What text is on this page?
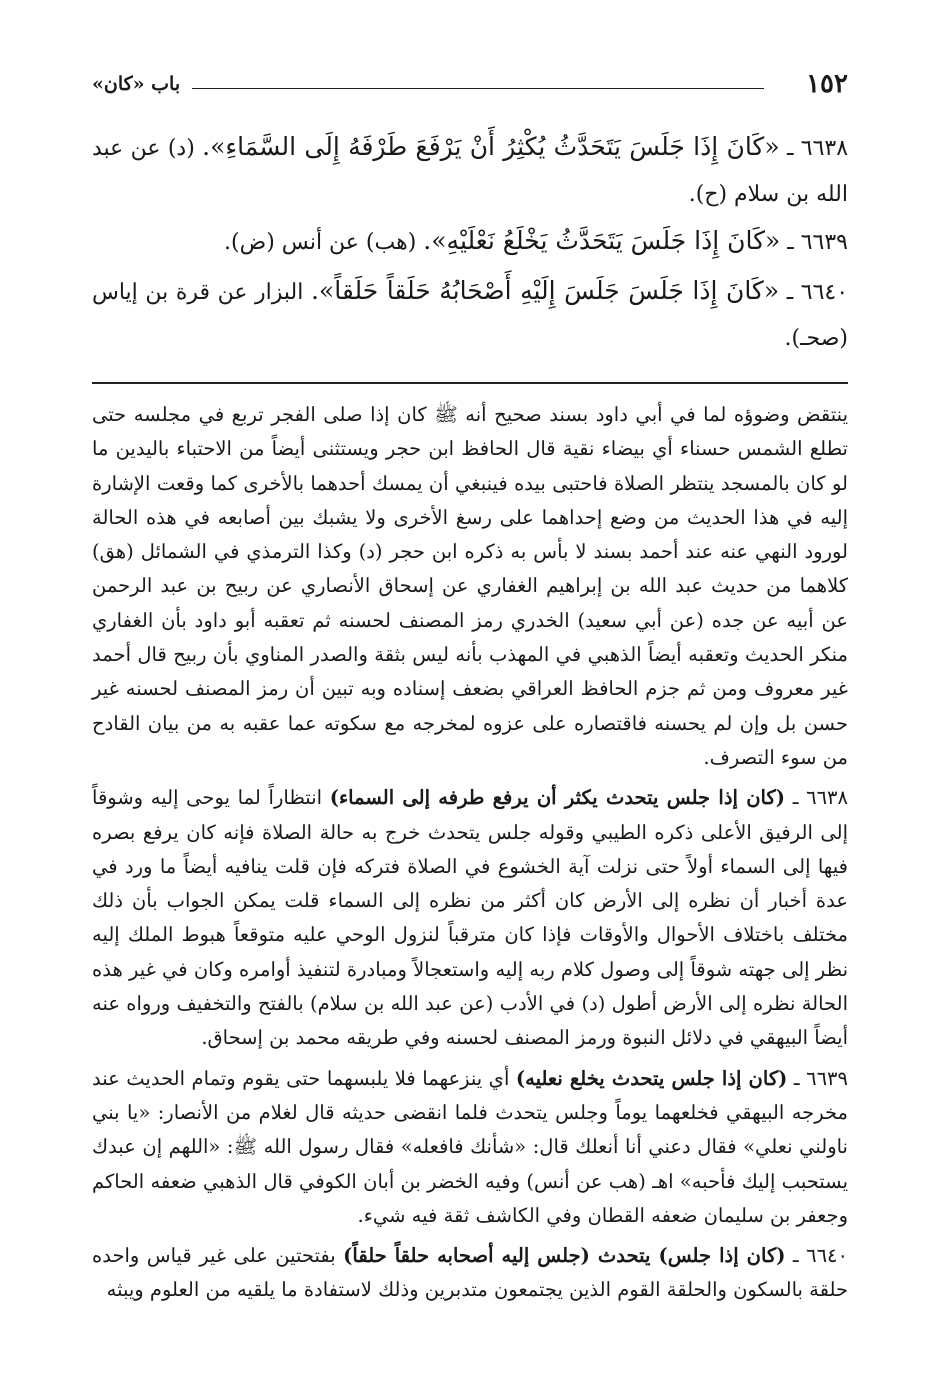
١٥٢
باب «كان»
٦٦٣٨ ـ «كَانَ إِذَا جَلَسَ يَتَحَدَّثُ يُكْثِرُ أَنْ يَرْفَعَ طَرْفَهُ إِلَى السَّمَاءِ». (د) عن عبد الله بن سلام (ح).
٦٦٣٩ ـ «كَانَ إِذَا جَلَسَ يَتَحَدَّثُ يَخْلَعُ نَعْلَيْهِ». (هب) عن أنس (ض).
٦٦٤٠ ـ «كَانَ إِذَا جَلَسَ جَلَسَ إِلَيْهِ أَصْحَابُهُ حَلَقاً حَلَقاً». البزار عن قرة بن إياس (صحـ).

ينتقض وضوؤه لما في أبي داود بسند صحيح أنه ﷺ كان إذا صلى الفجر تربع في مجلسه حتى تطلع الشمس حسناء أي بيضاء نقية قال الحافظ ابن حجر ويستثنى أيضاً من الاحتباء باليدين ما لو كان بالمسجد ينتظر الصلاة فاحتبى بيده فينبغي أن يمسك أحدهما بالأخرى كما وقعت الإشارة إليه في هذا الحديث من وضع إحداهما على رسغ الأخرى ولا يشبك بين أصابعه في هذه الحالة لورود النهي عنه عند أحمد بسند لا بأس به ذكره ابن حجر (د) وكذا الترمذي في الشمائل (هق) كلاهما من حديث عبد الله بن إبراهيم الغفاري عن إسحاق الأنصاري عن ربيح بن عبد الرحمن عن أبيه عن جده (عن أبي سعيد) الخدري رمز المصنف لحسنه ثم تعقبه أبو داود بأن الغفاري منكر الحديث وتعقبه أيضاً الذهبي في المهذب بأنه ليس بثقة والصدر المناوي بأن ربيح قال أحمد غير معروف ومن ثم جزم الحافظ العراقي بضعف إسناده وبه تبين أن رمز المصنف لحسنه غير حسن بل وإن لم يحسنه فاقتصاره على عزوه لمخرجه مع سكوته عما عقبه به من بيان القادح من سوء التصرف.

٦٦٣٨ ـ (كان إذا جلس يتحدث يكثر أن يرفع طرفه إلى السماء) انتظاراً لما يوحى إليه وشوقاً إلى الرفيق الأعلى ذكره الطيبي وقوله جلس يتحدث خرج به حالة الصلاة فإنه كان يرفع بصره فيها إلى السماء أولاً حتى نزلت آية الخشوع في الصلاة فتركه فإن قلت ينافيه أيضاً ما ورد في عدة أخبار أن نظره إلى الأرض كان أكثر من نظره إلى السماء قلت يمكن الجواب بأن ذلك مختلف باختلاف الأحوال والأوقات فإذا كان مترقباً لنزول الوحي عليه متوقعاً هبوط الملك إليه نظر إلى جهته شوقاً إلى وصول كلام ربه إليه واستعجالاً ومبادرة لتنفيذ أوامره وكان في غير هذه الحالة نظره إلى الأرض أطول (د) في الأدب (عن عبد الله بن سلام) بالفتح والتخفيف ورواه عنه أيضاً البيهقي في دلائل النبوة ورمز المصنف لحسنه وفي طريقه محمد بن إسحاق.

٦٦٣٩ ـ (كان إذا جلس يتحدث يخلع نعليه) أي ينزعهما فلا يلبسهما حتى يقوم وتمام الحديث عند مخرجه البيهقي فخلعهما يوماً وجلس يتحدث فلما انقضى حديثه قال لغلام من الأنصار: «يا بني ناولني نعلي» فقال دعني أنا أنعلك قال: «شأنك فافعله» فقال رسول الله ﷺ: «اللهم إن عبدك يستحبب إليك فأحبه» اهـ (هب عن أنس) وفيه الخضر بن أبان الكوفي قال الذهبي ضعفه الحاكم وجعفر بن سليمان ضعفه القطان وفي الكاشف ثقة فيه شيء.

٦٦٤٠ ـ (كان إذا جلس) يتحدث (جلس إليه أصحابه حلقاً حلقاً) بفتحتين على غير قياس واحده حلقة بالسكون والحلقة القوم الذين يجتمعون متدبرين وذلك لاستفادة ما يلقيه من العلوم ويبثه
